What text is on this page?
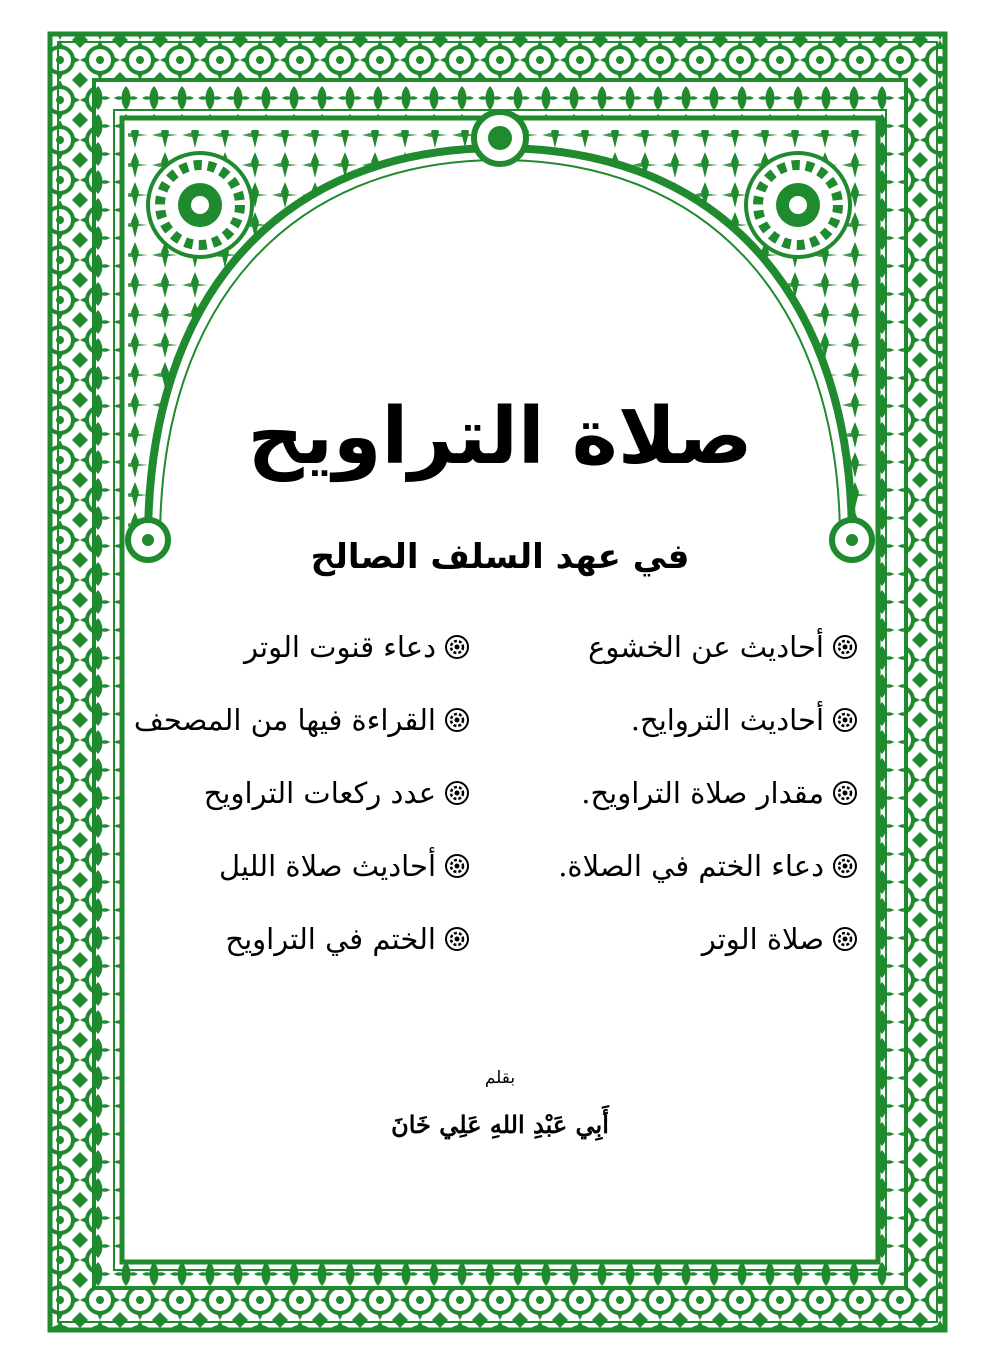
صلاة التراويح
في عهد السلف الصالح
أحاديث عن الخشوع
أحاديث التروايح.
مقدار صلاة التراويح.
دعاء الختم في الصلاة.
صلاة الوتر
دعاء قنوت الوتر
القراءة فيها من المصحف
عدد ركعات التراويح
أحاديث صلاة الليل
الختم في التراويح

بقلم

أَبِي عَبْدِ اللهِ عَلِي خَانَ
